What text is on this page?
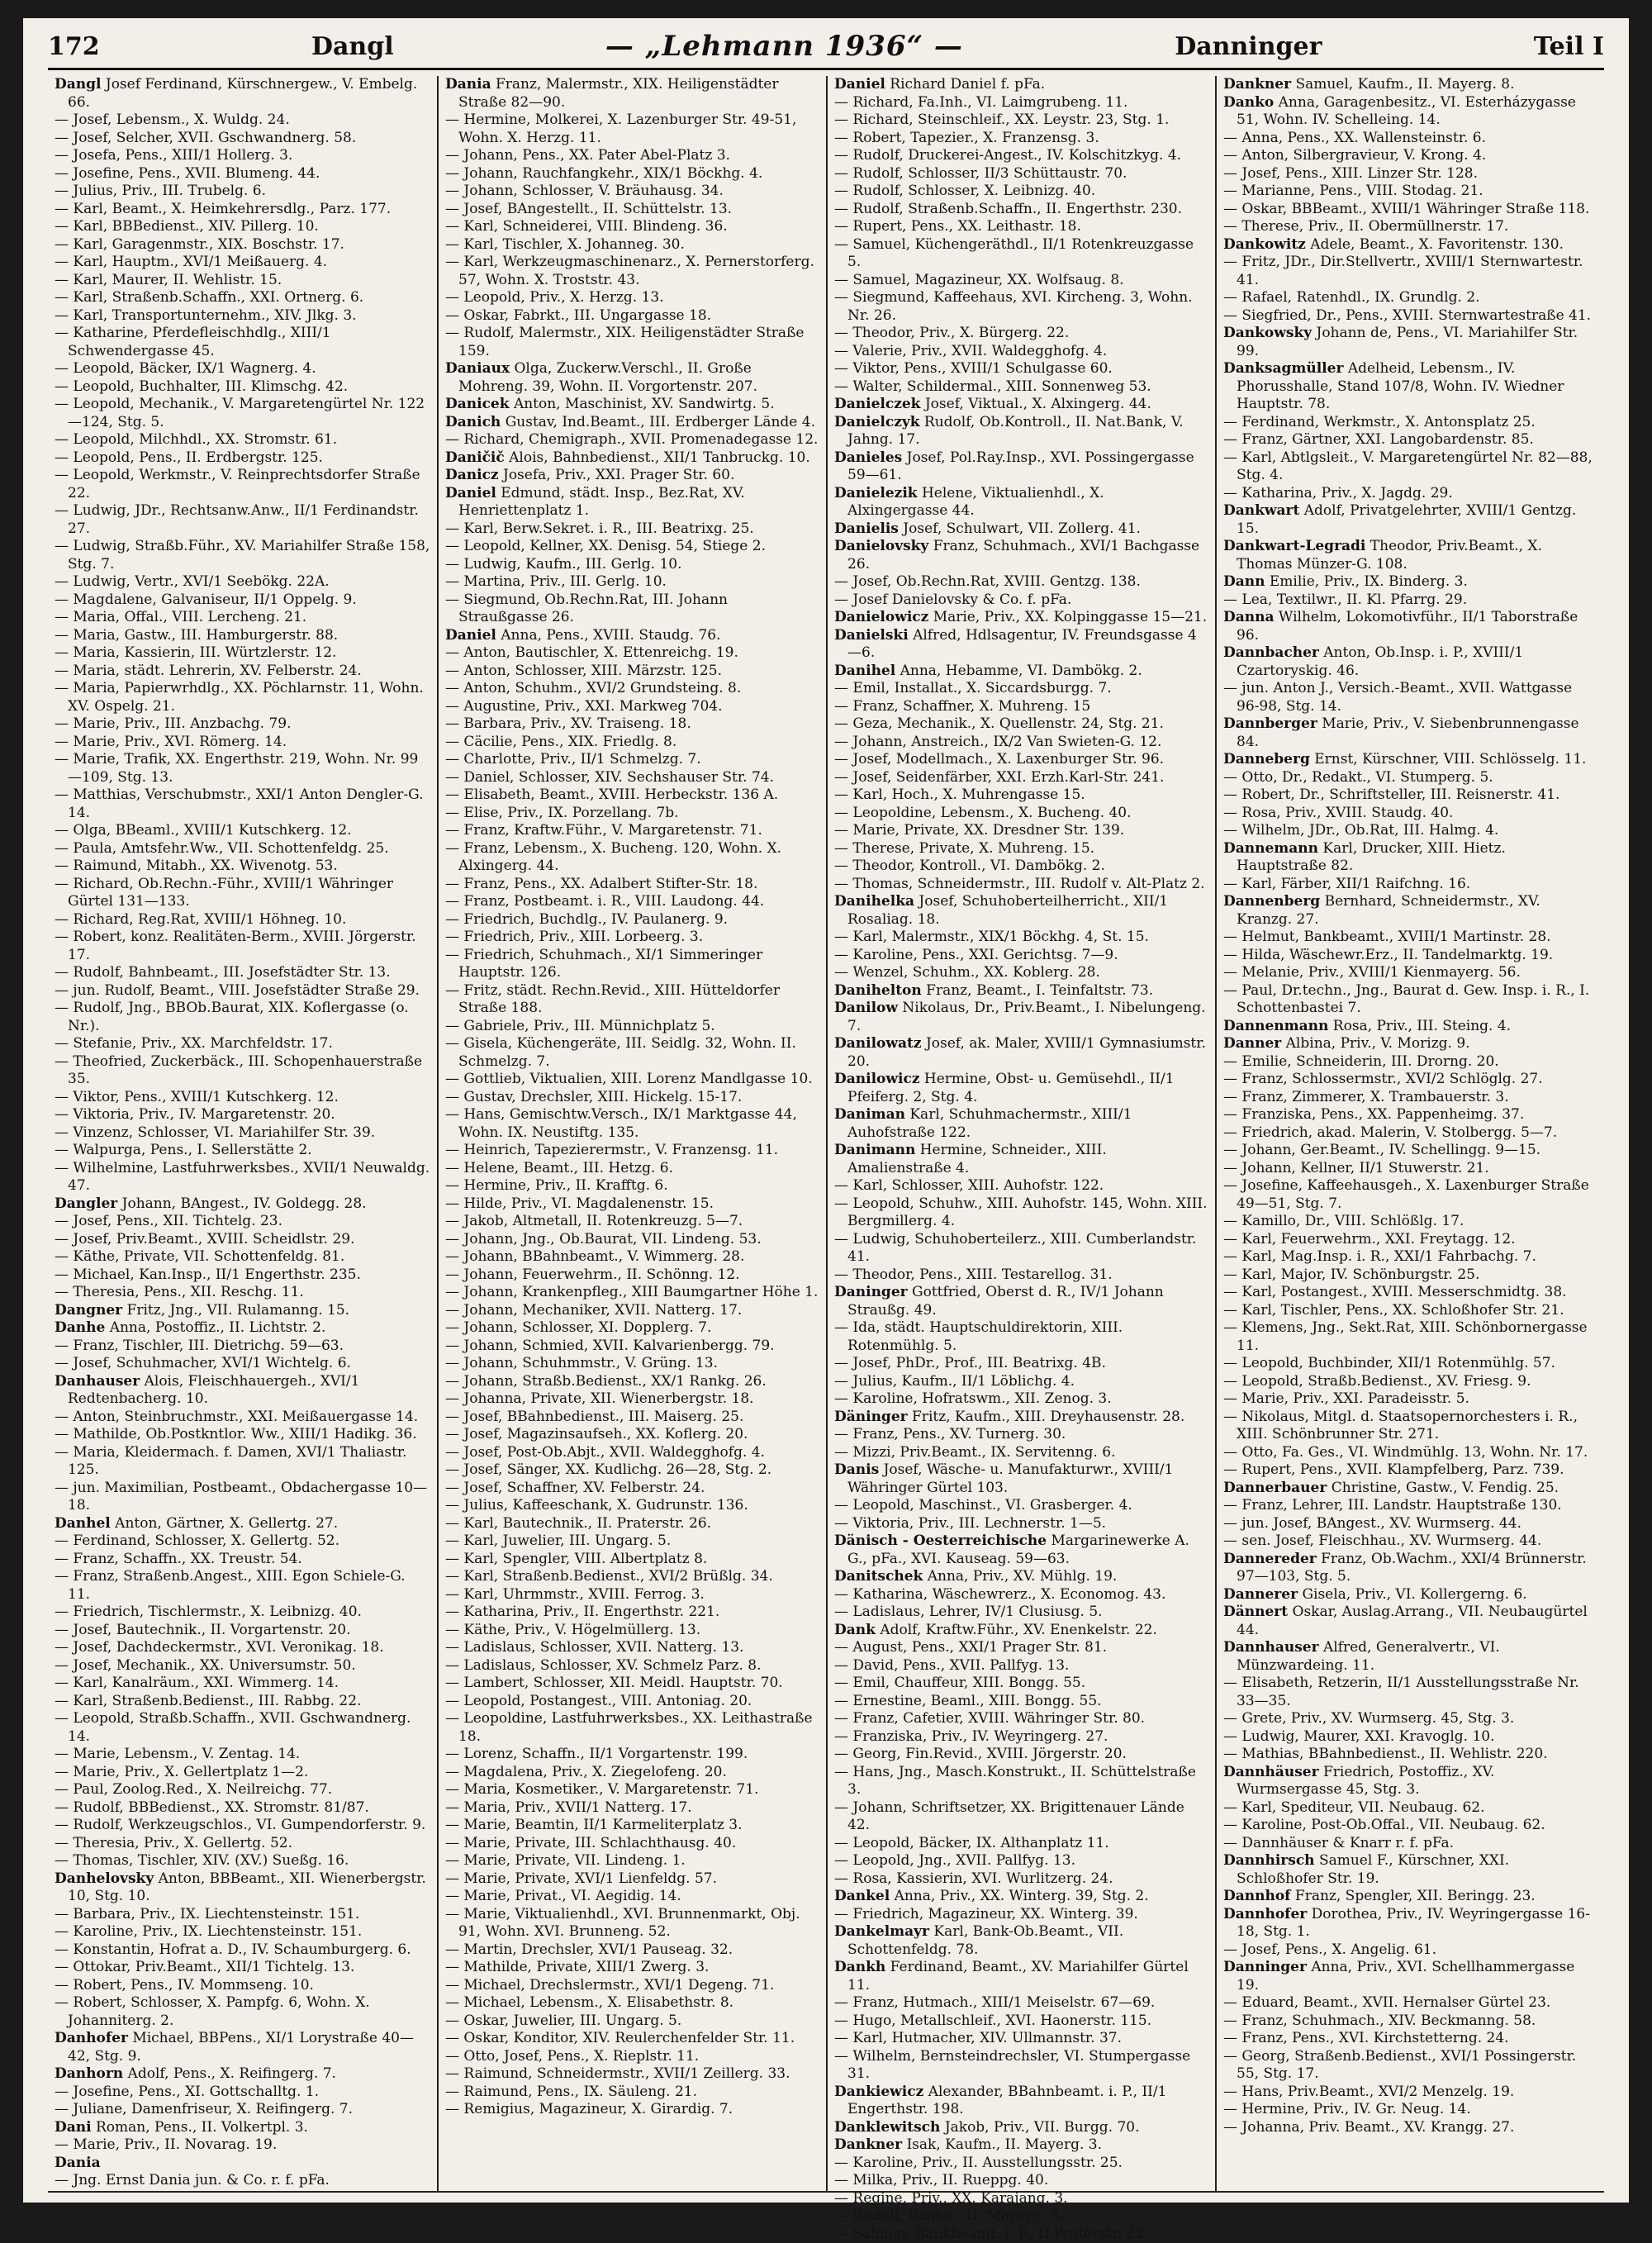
172	Dangl	— „Lehmann 1936“ —	Danninger	Teil I
Dangl Josef Ferdinand, Kürschnergew., V. Embelg. 66.
— Josef, Lebensm., X. Wuldg. 24.
— Josef, Selcher, XVII. Gschwandnerg. 58.
— Josefa, Pens., XIII/1 Hollerg. 3.
— Josefine, Pens., XVII. Blumeng. 44.
— Julius, Priv., III. Trubelg. 6.
— Karl, Beamt., X. Heimkehrersdlg., Parz. 177.
— Karl, BBBedienst., XIV. Pillerg. 10.
— Karl, Garagenmstr., XIX. Boschstr. 17.
— Karl, Hauptm., XVI/1 Meißauerg. 4.
— Karl, Maurer, II. Wehlistr. 15.
— Karl, Straßenb.Schaffn., XXI. Ortnerg. 6.
— Karl, Transportunternehm., XIV. Jlkg. 3.
— Katharine, Pferdefleischhdlg., XIII/1 Schwendergasse 45.
— Leopold, Bäcker, IX/1 Wagnerg. 4.
— Leopold, Buchhalter, III. Klimschg. 42.
— Leopold, Mechanik., V. Margaretengürtel Nr. 122—124, Stg. 5.
— Leopold, Milchhdl., XX. Stromstr. 61.
— Leopold, Pens., II. Erdbergstr. 125.
— Leopold, Werkmstr., V. Reinprechtsdorfer Straße 22.
— Ludwig, JDr., Rechtsanw.Anw., II/1 Ferdinandstr. 27.
— Ludwig, Straßb.Führ., XV. Mariahilfer Straße 158, Stg. 7.
— Ludwig, Vertr., XVI/1 Seebökg. 22A.
— Magdalene, Galvaniseur, II/1 Oppelg. 9.
— Maria, Offal., VIII. Lercheng. 21.
— Maria, Gastw., III. Hamburgerstr. 88.
— Maria, Kassierin, III. Würtzlerstr. 12.
— Maria, städt. Lehrerin, XV. Felberstr. 24.
— Maria, Papierwrhdlg., XX. Pöchlarnstr. 11, Wohn. XV. Ospelg. 21.
— Marie, Priv., III. Anzbachg. 79.
— Marie, Priv., XVI. Römerg. 14.
— Marie, Trafik, XX. Engerthstr. 219, Wohn. Nr. 99—109, Stg. 13.
— Matthias, Verschubmstr., XXI/1 Anton Dengler-G. 14.
— Olga, BBeaml., XVIII/1 Kutschkerg. 12.
— Paula, Amtsfehr.Ww., VII. Schottenfeldg. 25.
— Raimund, Mitabh., XX. Wivenotg. 53.
— Richard, Ob.Rechn.-Führ., XVIII/1 Währinger Gürtel 131—133.
— Richard, Reg.Rat, XVIII/1 Höhneg. 10.
— Robert, konz. Realitäten-Berm., XVIII. Jörgerstr. 17.
— Rudolf, Bahnbeamt., III. Josefstädter Str. 13.
— jun. Rudolf, Beamt., VIII. Josefstädter Straße 29.
— Rudolf, Jng., BBOb.Baurat, XIX. Koflergasse (o. Nr.).
— Stefanie, Priv., XX. Marchfeldstr. 17.
— Theofried, Zuckerbäck., III. Schopenhauerstraße 35.
— Viktor, Pens., XVIII/1 Kutschkerg. 12.
— Viktoria, Priv., IV. Margaretenstr. 20.
— Vinzenz, Schlosser, VI. Mariahilfer Str. 39.
— Walpurga, Pens., I. Sellerstätte 2.
— Wilhelmine, Lastfuhrwerksbes., XVII/1 Neuwaldg. 47.
Dangler Johann, BAngest., IV. Goldegg. 28.
— Josef, Pens., XII. Tichtelg. 23.
— Josef, Priv.Beamt., XVIII. Scheidlstr. 29.
— Käthe, Private, VII. Schottenfeldg. 81.
— Michael, Kan.Insp., II/1 Engerthstr. 235.
— Theresia, Pens., XII. Reschg. 11.
Dangner Fritz, Jng., VII. Rulamanng. 15.
Danhe Anna, Postoffiz., II. Lichtstr. 2.
— Franz, Tischler, III. Dietrichg. 59—63.
— Josef, Schuhmacher, XVI/1 Wichtelg. 6.
Danhauser Alois, Fleischhauergeh., XVI/1 Redtenbacherg. 10.
— Anton, Steinbruchmstr., XXI. Meißauergasse 14.
— Mathilde, Ob.Postkntlor. Ww., XIII/1 Hadikg. 36.
— Maria, Kleidermach. f. Damen, XVI/1 Thaliastr. 125.
— jun. Maximilian, Postbeamt., Obdachergasse 10—18.
Danhel Anton, Gärtner, X. Gellertg. 27.
— Ferdinand, Schlosser, X. Gellertg. 52.
— Franz, Schaffn., XX. Treustr. 54.
— Franz, Straßenb.Angest., XIII. Egon Schiele-G. 11.
— Friedrich, Tischlermstr., X. Leibnizg. 40.
— Josef, Bautechnik., II. Vorgartenstr. 20.
— Josef, Dachdeckermstr., XVI. Veronikag. 18.
— Josef, Mechanik., XX. Universumstr. 50.
— Karl, Kanalräum., XXI. Wimmerg. 14.
— Karl, Straßenb.Bedienst., III. Rabbg. 22.
— Leopold, Straßb.Schaffn., XVII. Gschwandnerg. 14.
— Marie, Lebensm., V. Zentag. 14.
— Marie, Priv., X. Gellertplatz 1—2.
— Paul, Zoolog.Red., X. Neilreichg. 77.
— Rudolf, BBBedienst., XX. Stromstr. 81/87.
— Rudolf, Werkzeugschlos., VI. Gumpendorferstr. 9.
— Theresia, Priv., X. Gellertg. 52.
— Thomas, Tischler, XIV. (XV.) Sueßg. 16.
Danhelovsky Anton, BBBeamt., XII. Wienerbergstr. 10, Stg. 10.
— Barbara, Priv., IX. Liechtensteinstr. 151.
— Karoline, Priv., IX. Liechtensteinstr. 151.
— Konstantin, Hofrat a. D., IV. Schaumburgerg. 6.
— Ottokar, Priv.Beamt., XII/1 Tichtelg. 13.
— Robert, Pens., IV. Mommseng. 10.
— Robert, Schlosser, X. Pampfg. 6, Wohn. X. Johanniterg. 2.
Danhofer Michael, BBPens., XI/1 Lorystraße 40—42, Stg. 9.
Danhorn Adolf, Pens., X. Reifingerg. 7.
— Josefine, Pens., XI. Gottschalltg. 1.
— Juliane, Damenfriseur, X. Reifingerg. 7.
Dani Roman, Pens., II. Volkertpl. 3.
— Marie, Priv., II. Novarag. 19.
Dania
— Jng. Ernst Dania jun. & Co. r. f. pFa.
Dania Franz, Malermstr., XIX. Heiligenstädter Straße 82—90.
— Hermine, Molkerei, X. Lazenburger Str. 49-51, Wohn. X. Herzg. 11.
— Johann, Pens., XX. Pater Abel-Platz 3.
— Johann, Rauchfangkehr., XIX/1 Böckhg. 4.
— Johann, Schlosser, V. Bräuhausg. 34.
— Josef, BAngestellt., II. Schüttelstr. 13.
— Karl, Schneiderei, VIII. Blindeng. 36.
— Karl, Tischler, X. Johanneg. 30.
— Karl, Werkzeugmaschinenarz., X. Pernerstorferg. 57, Wohn. X. Troststr. 43.
— Leopold, Priv., X. Herzg. 13.
— Oskar, Fabrkt., III. Ungargasse 18.
— Rudolf, Malermstr., XIX. Heiligenstädter Straße 159.
Daniaux Olga, Zuckerw.Verschl., II. Große Mohreng. 39, Wohn. II. Vorgortenstr. 207.
Danicek Anton, Maschinist, XV. Sandwirtg. 5.
Danich Gustav, Ind.Beamt., III. Erdberger Lände 4.
— Richard, Chemigraph., XVII. Promenadegasse 12.
Daničič Alois, Bahnbedienst., XII/1 Tanbruckg. 10.
Danicz Josefa, Priv., XXI. Prager Str. 60.
Daniel Edmund, städt. Insp., Bez.Rat, XV. Henriettenplatz 1.
— Karl, Berw.Sekret. i. R., III. Beatrixg. 25.
— Leopold, Kellner, XX. Denisg. 54, Stiege 2.
— Ludwig, Kaufm., III. Gerlg. 10.
— Martina, Priv., III. Gerlg. 10.
— Siegmund, Ob.Rechn.Rat, III. Johann Straußgasse 26.
Daniel Anna, Pens., XVIII. Staudg. 76.
— Anton, Bautischler, X. Ettenreichg. 19.
— Anton, Schlosser, XIII. Märzstr. 125.
— Anton, Schuhm., XVI/2 Grundsteing. 8.
— Augustine, Priv., XXI. Markweg 704.
— Barbara, Priv., XV. Traiseng. 18.
— Cäcilie, Pens., XIX. Friedlg. 8.
— Charlotte, Priv., II/1 Schmelzg. 7.
— Daniel, Schlosser, XIV. Sechshauser Str. 74.
— Elisabeth, Beamt., XVIII. Herbeckstr. 136 A.
— Elise, Priv., IX. Porzellang. 7b.
— Franz, Kraftw.Führ., V. Margaretenstr. 71.
— Franz, Lebensm., X. Bucheng. 120, Wohn. X. Alxingerg. 44.
— Franz, Pens., XX. Adalbert Stifter-Str. 18.
— Franz, Postbeamt. i. R., VIII. Laudong. 44.
— Friedrich, Buchdlg., IV. Paulanerg. 9.
— Friedrich, Priv., XIII. Lorbeerg. 3.
— Friedrich, Schuhmach., XI/1 Simmeringer Hauptstr. 126.
— Fritz, städt. Rechn.Revid., XIII. Hütteldorfer Straße 188.
— Gabriele, Priv., III. Münnichplatz 5.
— Gisela, Küchengeräte, III. Seidlg. 32, Wohn. II. Schmelzg. 7.
— Gottlieb, Viktualien, XIII. Lorenz Mandlgasse 10.
— Gustav, Drechsler, XIII. Hickelg. 15-17.
— Hans, Gemischtw.Versch., IX/1 Marktgasse 44, Wohn. IX. Neustiftg. 135.
— Heinrich, Tapezierermstr., V. Franzensg. 11.
— Helene, Beamt., III. Hetzg. 6.
— Hermine, Priv., II. Krafftg. 6.
— Hilde, Priv., VI. Magdalenenstr. 15.
— Jakob, Altmetall, II. Rotenkreuzg. 5—7.
— Johann, Jng., Ob.Baurat, VII. Lindeng. 53.
— Johann, BBahnbeamt., V. Wimmerg. 28.
— Johann, Feuerwehrm., II. Schönng. 12.
— Johann, Krankenpfleg., XIII Baumgartner Höhe 1.
— Johann, Mechaniker, XVII. Natterg. 17.
— Johann, Schlosser, XI. Dopplerg. 7.
— Johann, Schmied, XVII. Kalvarienbergg. 79.
— Johann, Schuhmmstr., V. Grüng. 13.
— Johann, Straßb.Bedienst., XX/1 Rankg. 26.
— Johanna, Private, XII. Wienerbergstr. 18.
— Josef, BBahnbedienst., III. Maiserg. 25.
— Josef, Magazinsaufseh., XX. Koflerg. 20.
— Josef, Post-Ob.Abjt., XVII. Waldegghofg. 4.
— Josef, Sänger, XX. Kudlichg. 26—28, Stg. 2.
— Josef, Schaffner, XV. Felberstr. 24.
— Julius, Kaffeeschank, X. Gudrunstr. 136.
— Karl, Bautechnik., II. Praterstr. 26.
— Karl, Juwelier, III. Ungarg. 5.
— Karl, Spengler, VIII. Albertplatz 8.
— Karl, Straßenb.Bedienst., XVI/2 Brüßlg. 34.
— Karl, Uhrmmstr., XVIII. Ferrog. 3.
— Katharina, Priv., II. Engerthstr. 221.
— Käthe, Priv., V. Högelmüllerg. 13.
— Ladislaus, Schlosser, XVII. Natterg. 13.
— Ladislaus, Schlosser, XV. Schmelz Parz. 8.
— Lambert, Schlosser, XII. Meidl. Hauptstr. 70.
— Leopold, Postangest., VIII. Antoniag. 20.
— Leopoldine, Lastfuhrwerksbes., XX. Leithastraße 18.
— Lorenz, Schaffn., II/1 Vorgartenstr. 199.
— Magdalena, Priv., X. Ziegelofeng. 20.
— Maria, Kosmetiker., V. Margaretenstr. 71.
— Maria, Priv., XVII/1 Natterg. 17.
— Marie, Beamtin, II/1 Karmeliterplatz 3.
— Marie, Private, III. Schlachthausg. 40.
— Marie, Private, VII. Lindeng. 1.
— Marie, Private, XVI/1 Lienfeldg. 57.
— Marie, Privat., VI. Aegidig. 14.
— Marie, Viktualienhdl., XVI. Brunnenmarkt, Obj. 91, Wohn. XVI. Brunneng. 52.
— Martin, Drechsler, XVI/1 Pauseag. 32.
— Mathilde, Private, XIII/1 Zwerg. 3.
— Michael, Drechslermstr., XVI/1 Degeng. 71.
— Michael, Lebensm., X. Elisabethstr. 8.
— Oskar, Juwelier, III. Ungarg. 5.
— Oskar, Konditor, XIV. Reulerchenfelder Str. 11.
— Otto, Josef, Pens., X. Rieplstr. 11.
— Raimund, Schneidermstr., XVII/1 Zeillerg. 33.
— Raimund, Pens., IX. Säuleng. 21.
— Remigius, Magazineur, X. Girardig. 7.
Daniel Richard Daniel f. pFa.
— Richard, Fa.Inh., VI. Laimgrubeng. 11.
— Richard, Steinschleif., XX. Leystr. 23, Stg. 1.
— Robert, Tapezier., X. Franzensg. 3.
— Rudolf, Druckerei-Angest., IV. Kolschitzkyg. 4.
— Rudolf, Schlosser, II/3 Schüttaustr. 70.
— Rudolf, Schlosser, X. Leibnizg. 40.
— Rudolf, Straßenb.Schaffn., II. Engerthstr. 230.
— Rupert, Pens., XX. Leithastr. 18.
— Samuel, Küchengeräthdl., II/1 Rotenkreuzgasse 5.
— Samuel, Magazineur, XX. Wolfsaug. 8.
— Siegmund, Kaffeehaus, XVI. Kircheng. 3, Wohn. Nr. 26.
— Theodor, Priv., X. Bürgerg. 22.
— Valerie, Priv., XVII. Waldegghofg. 4.
— Viktor, Pens., XVIII/1 Schulgasse 60.
— Walter, Schildermal., XIII. Sonnenweg 53.
Danielczek Josef, Viktual., X. Alxingerg. 44.
Danielczyk Rudolf, Ob.Kontroll., II. Nat.Bank, V. Jahng. 17.
Danieles Josef, Pol.Ray.Insp., XVI. Possingergasse 59—61.
Danielezik Helene, Viktualienhdl., X. Alxingergasse 44.
Danielis Josef, Schulwart, VII. Zollerg. 41.
Danielovsky Franz, Schuhmach., XVI/1 Bachgasse 26.
— Josef, Ob.Rechn.Rat, XVIII. Gentzg. 138.
— Josef Danielovsky & Co. f. pFa.
Danielowicz Marie, Priv., XX. Kolpinggasse 15—21.
Danielski Alfred, Hdlsagentur, IV. Freundsgasse 4—6.
Danihel Anna, Hebamme, VI. Dambökg. 2.
— Emil, Installat., X. Siccardsburgg. 7.
— Franz, Schaffner, X. Muhreng. 15
— Geza, Mechanik., X. Quellenstr. 24, Stg. 21.
— Johann, Anstreich., IX/2 Van Swieten-G. 12.
— Josef, Modellmach., X. Laxenburger Str. 96.
— Josef, Seidenfärber, XXI. Erzh.Karl-Str. 241.
— Karl, Hoch., X. Muhrengasse 15.
— Leopoldine, Lebensm., X. Bucheng. 40.
— Marie, Private, XX. Dresdner Str. 139.
— Therese, Private, X. Muhreng. 15.
— Theodor, Kontroll., VI. Dambökg. 2.
— Thomas, Schneidermstr., III. Rudolf v. Alt-Platz 2.
Danihelka Josef, Schuhoberteilherricht., XII/1 Rosaliag. 18.
— Karl, Malermstr., XIX/1 Böckhg. 4, St. 15.
— Karoline, Pens., XXI. Gerichtsg. 7—9.
— Wenzel, Schuhm., XX. Koblerg. 28.
Danihelton Franz, Beamt., I. Teinfaltstr. 73.
Danilow Nikolaus, Dr., Priv.Beamt., I. Nibelungeng. 7.
Danilowatz Josef, ak. Maler, XVIII/1 Gymnasiumstr. 20.
Danilowicz Hermine, Obst- u. Gemüsehdl., II/1 Pfeiferg. 2, Stg. 4.
Daniman Karl, Schuhmachermstr., XIII/1 Auhofstraße 122.
Danimann Hermine, Schneider., XIII. Amalienstraße 4.
— Karl, Schlosser, XIII. Auhofstr. 122.
— Leopold, Schuhw., XIII. Auhofstr. 145, Wohn. XIII. Bergmillerg. 4.
— Ludwig, Schuhoberteilerz., XIII. Cumberlandstr. 41.
— Theodor, Pens., XIII. Testarellog. 31.
Daninger Gottfried, Oberst d. R., IV/1 Johann Straußg. 49.
— Ida, städt. Hauptschuldirektorin, XIII. Rotenmühlg. 5.
— Josef, PhDr., Prof., III. Beatrixg. 4B.
— Julius, Kaufm., II/1 Löblichg. 4.
— Karoline, Hofratswm., XII. Zenog. 3.
Däninger Fritz, Kaufm., XIII. Dreyhausenstr. 28.
— Franz, Pens., XV. Turnerg. 30.
— Mizzi, Priv.Beamt., IX. Servitenng. 6.
Danis Josef, Wäsche- u. Manufakturwr., XVIII/1 Währinger Gürtel 103.
— Leopold, Maschinst., VI. Grasberger. 4.
— Viktoria, Priv., III. Lechnerstr. 1—5.
Dänisch - Oesterreichische Margarinewerke A. G., pFa., XVI. Kauseag. 59—63.
Danitschek Anna, Priv., XV. Mühlg. 19.
— Katharina, Wäschewrerz., X. Economog. 43.
— Ladislaus, Lehrer, IV/1 Clusiusg. 5.
Dank Adolf, Kraftw.Führ., XV. Enenkelstr. 22.
— August, Pens., XXI/1 Prager Str. 81.
— David, Pens., XVII. Pallfyg. 13.
— Emil, Chauffeur, XIII. Bongg. 55.
— Ernestine, Beaml., XIII. Bongg. 55.
— Franz, Cafetier, XVIII. Währinger Str. 80.
— Franziska, Priv., IV. Weyringerg. 27.
— Georg, Fin.Revid., XVIII. Jörgerstr. 20.
— Hans, Jng., Masch.Konstrukt., II. Schüttelstraße 3.
— Johann, Schriftsetzer, XX. Brigittenauer Lände 42.
— Leopold, Bäcker, IX. Althanplatz 11.
— Leopold, Jng., XVII. Pallfyg. 13.
— Rosa, Kassierin, XVI. Wurlitzerg. 24.
Dankel Anna, Priv., XX. Winterg. 39, Stg. 2.
— Friedrich, Magazineur, XX. Winterg. 39.
Dankelmayr Karl, Bank-Ob.Beamt., VII. Schottenfeldg. 78.
Dankh Ferdinand, Beamt., XV. Mariahilfer Gürtel 11.
— Franz, Hutmach., XIII/1 Meiselstr. 67—69.
— Hugo, Metallschleif., XVI. Haonerstr. 115.
— Karl, Hutmacher, XIV. Ullmannstr. 37.
— Wilhelm, Bernsteindrechsler, VI. Stumpergasse 31.
Dankiewicz Alexander, BBahnbeamt. i. P., II/1 Engerthstr. 198.
Danklewitsch Jakob, Priv., VII. Burgg. 70.
Dankner Isak, Kaufm., II. Mayerg. 3.
— Karoline, Priv., II. Ausstellungsstr. 25.
— Milka, Priv., II. Rueppg. 40.
— Regine, Priv., XX. Karajang. 3.
— Rudolf, Banku., II. Mayerg. 3.
— Salmon, Bankbeamt. i. P., II Praterstr. 22.
Dankner Samuel, Kaufm., II. Mayerg. 8.
Danko Anna, Garagenbesitz., VI. Esterházygasse 51, Wohn. IV. Schelleing. 14.
— Anna, Pens., XX. Wallensteinstr. 6.
— Anton, Silbergravieur, V. Krong. 4.
— Josef, Pens., XIII. Linzer Str. 128.
— Marianne, Pens., VIII. Stodag. 21.
— Oskar, BBBeamt., XVIII/1 Währinger Straße 118.
— Therese, Priv., II. Obermüllnerstr. 17.
Dankowitz Adele, Beamt., X. Favoritenstr. 130.
— Fritz, JDr., Dir.Stellvertr., XVIII/1 Sternwartestr. 41.
— Rafael, Ratenhdl., IX. Grundlg. 2.
— Siegfried, Dr., Pens., XVIII. Sternwartestraße 41.
Dankowsky Johann de, Pens., VI. Mariahilfer Str. 99.
Danksagmüller Adelheid, Lebensm., IV. Phorusshalle, Stand 107/8, Wohn. IV. Wiedner Hauptstr. 78.
— Ferdinand, Werkmstr., X. Antonsplatz 25.
— Franz, Gärtner, XXI. Langobardenstr. 85.
— Karl, Abtlgsleit., V. Margaretengürtel Nr. 82—88, Stg. 4.
— Katharina, Priv., X. Jagdg. 29.
Dankwart Adolf, Privatgelehrter, XVIII/1 Gentzg. 15.
Dankwart-Legradi Theodor, Priv.Beamt., X. Thomas Münzer-G. 108.
Dann Emilie, Priv., IX. Binderg. 3.
— Lea, Textilwr., II. Kl. Pfarrg. 29.
Danna Wilhelm, Lokomotivführ., II/1 Taborstraße 96.
Dannbacher Anton, Ob.Insp. i. P., XVIII/1 Czartoryskig. 46.
— jun. Anton J., Versich.-Beamt., XVII. Wattgasse 96-98, Stg. 14.
Dannberger Marie, Priv., V. Siebenbrunnengasse 84.
Danneberg Ernst, Kürschner, VIII. Schlösselg. 11.
— Otto, Dr., Redakt., VI. Stumperg. 5.
— Robert, Dr., Schriftsteller, III. Reisnerstr. 41.
— Rosa, Priv., XVIII. Staudg. 40.
— Wilhelm, JDr., Ob.Rat, III. Halmg. 4.
Dannemann Karl, Drucker, XIII. Hietz. Hauptstraße 82.
— Karl, Färber, XII/1 Raifchng. 16.
Dannenberg Bernhard, Schneidermstr., XV. Kranzg. 27.
— Helmut, Bankbeamt., XVIII/1 Martinstr. 28.
— Hilda, Wäschewr.Erz., II. Tandelmarktg. 19.
— Melanie, Priv., XVIII/1 Kienmayerg. 56.
— Paul, Dr.techn., Jng., Baurat d. Gew. Insp. i. R., I. Schottenbastei 7.
Dannenmann Rosa, Priv., III. Steing. 4.
Danner Albina, Priv., V. Morizg. 9.
— Emilie, Schneiderin, III. Drorng. 20.
— Franz, Schlossermstr., XVI/2 Schlöglg. 27.
— Franz, Zimmerer, X. Trambauerstr. 3.
— Franziska, Pens., XX. Pappenheimg. 37.
— Friedrich, akad. Malerin, V. Stolbergg. 5—7.
— Johann, Ger.Beamt., IV. Schellingg. 9—15.
— Johann, Kellner, II/1 Stuwerstr. 21.
— Josefine, Kaffeehausgeh., X. Laxenburger Straße 49—51, Stg. 7.
— Kamillo, Dr., VIII. Schlößlg. 17.
— Karl, Feuerwehrm., XXI. Freytagg. 12.
— Karl, Mag.Insp. i. R., XXI/1 Fahrbachg. 7.
— Karl, Major, IV. Schönburgstr. 25.
— Karl, Postangest., XVIII. Messerschmidtg. 38.
— Karl, Tischler, Pens., XX. Schloßhofer Str. 21.
— Klemens, Jng., Sekt.Rat, XIII. Schönbornergasse 11.
— Leopold, Buchbinder, XII/1 Rotenmühlg. 57.
— Leopold, Straßb.Bedienst., XV. Friesg. 9.
— Marie, Priv., XXI. Paradeisstr. 5.
— Nikolaus, Mitgl. d. Staatsopernorchesters i. R., XIII. Schönbrunner Str. 271.
— Otto, Fa. Ges., VI. Windmühlg. 13, Wohn. Nr. 17.
— Rupert, Pens., XVII. Klampfelberg, Parz. 739.
Dannerbauer Christine, Gastw., V. Fendig. 25.
— Franz, Lehrer, III. Landstr. Hauptstraße 130.
— jun. Josef, BAngest., XV. Wurmserg. 44.
— sen. Josef, Fleischhau., XV. Wurmserg. 44.
Dannereder Franz, Ob.Wachm., XXI/4 Brünnerstr. 97—103, Stg. 5.
Dannerer Gisela, Priv., VI. Kollergerng. 6.
Dännert Oskar, Auslag.Arrang., VII. Neubaugürtel 44.
Dannhauser Alfred, Generalvertr., VI. Münzwardeing. 11.
— Elisabeth, Retzerin, II/1 Ausstellungsstraße Nr. 33—35.
— Grete, Priv., XV. Wurmserg. 45, Stg. 3.
— Ludwig, Maurer, XXI. Kravoglg. 10.
— Mathias, BBahnbedienst., II. Wehlistr. 220.
Dannhäuser Friedrich, Postoffiz., XV. Wurmsergasse 45, Stg. 3.
— Karl, Spediteur, VII. Neubaug. 62.
— Karoline, Post-Ob.Offal., VII. Neubaug. 62.
— Dannhäuser & Knarr r. f. pFa.
Dannhirsch Samuel F., Kürschner, XXI. Schloßhofer Str. 19.
Dannhof Franz, Spengler, XII. Beringg. 23.
Dannhofer Dorothea, Priv., IV. Weyringergasse 16-18, Stg. 1.
— Josef, Pens., X. Angelig. 61.
Danninger Anna, Priv., XVI. Schellhammergasse 19.
— Eduard, Beamt., XVII. Hernalser Gürtel 23.
— Franz, Schuhmach., XIV. Beckmanng. 58.
— Franz, Pens., XVI. Kirchstetterng. 24.
— Georg, Straßenb.Bedienst., XVI/1 Possingerstr. 55, Stg. 17.
— Hans, Priv.Beamt., XVI/2 Menzelg. 19.
— Hermine, Priv., IV. Gr. Neug. 14.
— Johanna, Priv. Beamt., XV. Krangg. 27.
